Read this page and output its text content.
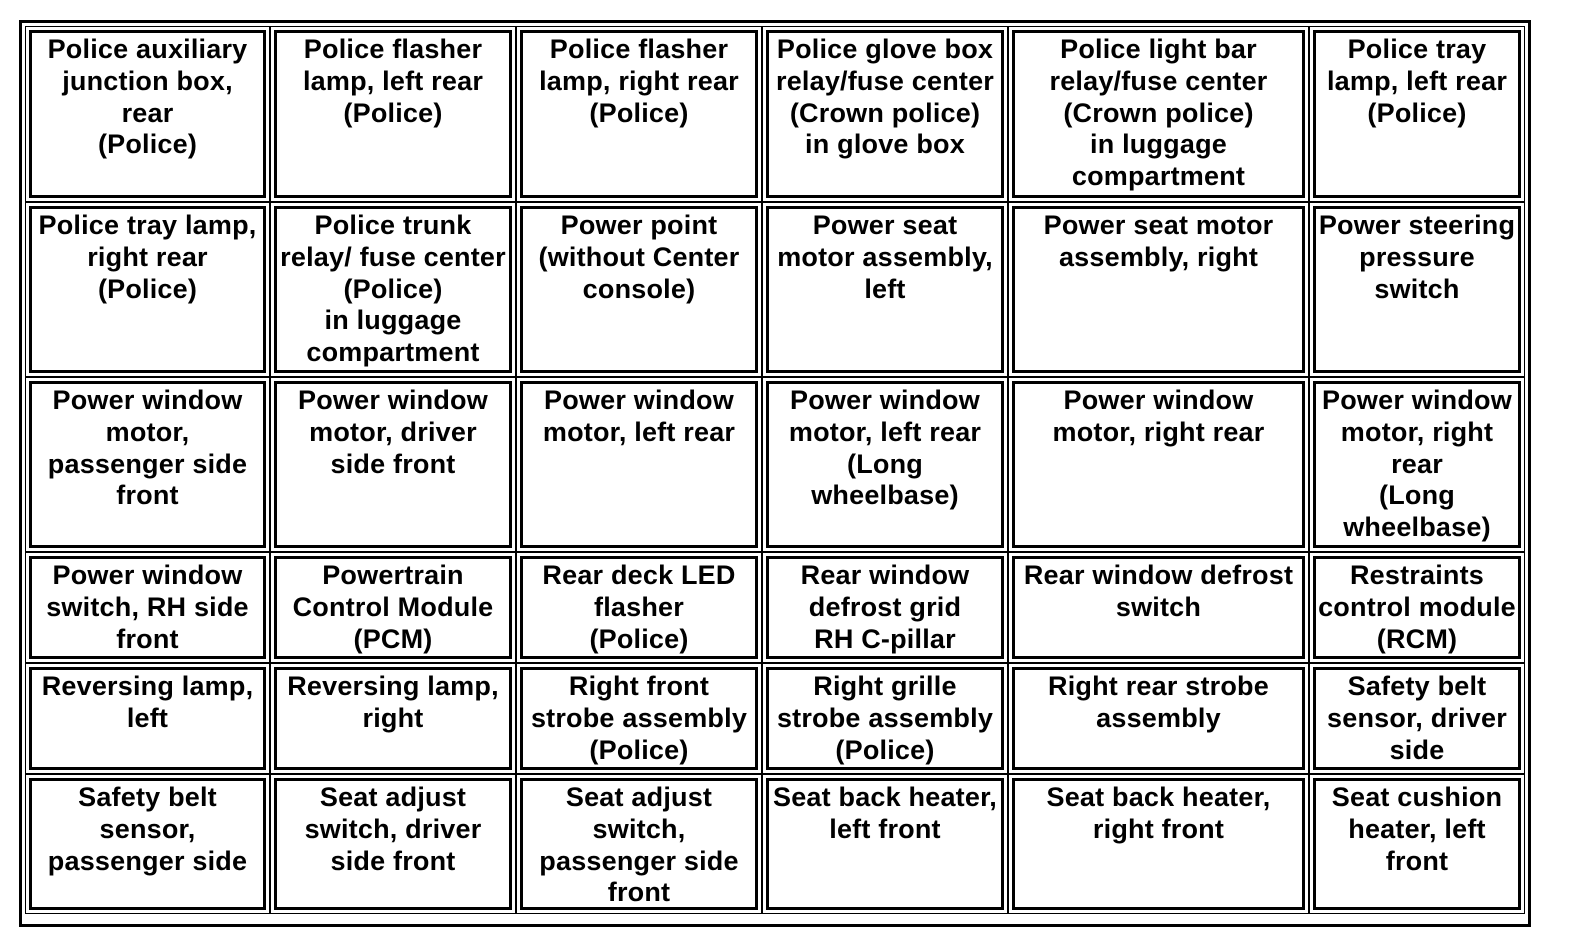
Police auxiliary
junction box,
rear
(Police)
Police flasher
lamp, left rear
(Police)
Police flasher
lamp, right rear
(Police)
Police glove box
relay/fuse center
(Crown police)
in glove box
Police light bar
relay/fuse center
(Crown police)
in luggage
compartment
Police tray
lamp, left rear
(Police)
Police tray lamp,
right rear
(Police)
Police trunk
relay/ fuse center
(Police)
in luggage
compartment
Power point
(without Center
console)
Power seat
motor assembly,
left
Power seat motor
assembly, right
Power steering
pressure
switch
Power window
motor,
passenger side
front
Power window
motor, driver
side front
Power window
motor, left rear
Power window
motor, left rear
(Long
wheelbase)
Power window
motor, right rear
Power window
motor, right
rear
(Long
wheelbase)
Power window
switch, RH side
front
Powertrain
Control Module
(PCM)
Rear deck LED
flasher
(Police)
Rear window
defrost grid
RH C-pillar
Rear window defrost
switch
Restraints
control module
(RCM)
Reversing lamp,
left
Reversing lamp,
right
Right front
strobe assembly
(Police)
Right grille
strobe assembly
(Police)
Right rear strobe
assembly
Safety belt
sensor, driver
side
Safety belt
sensor,
passenger side
Seat adjust
switch, driver
side front
Seat adjust
switch,
passenger side
front
Seat back heater,
left front
Seat back heater,
right front
Seat cushion
heater, left
front
